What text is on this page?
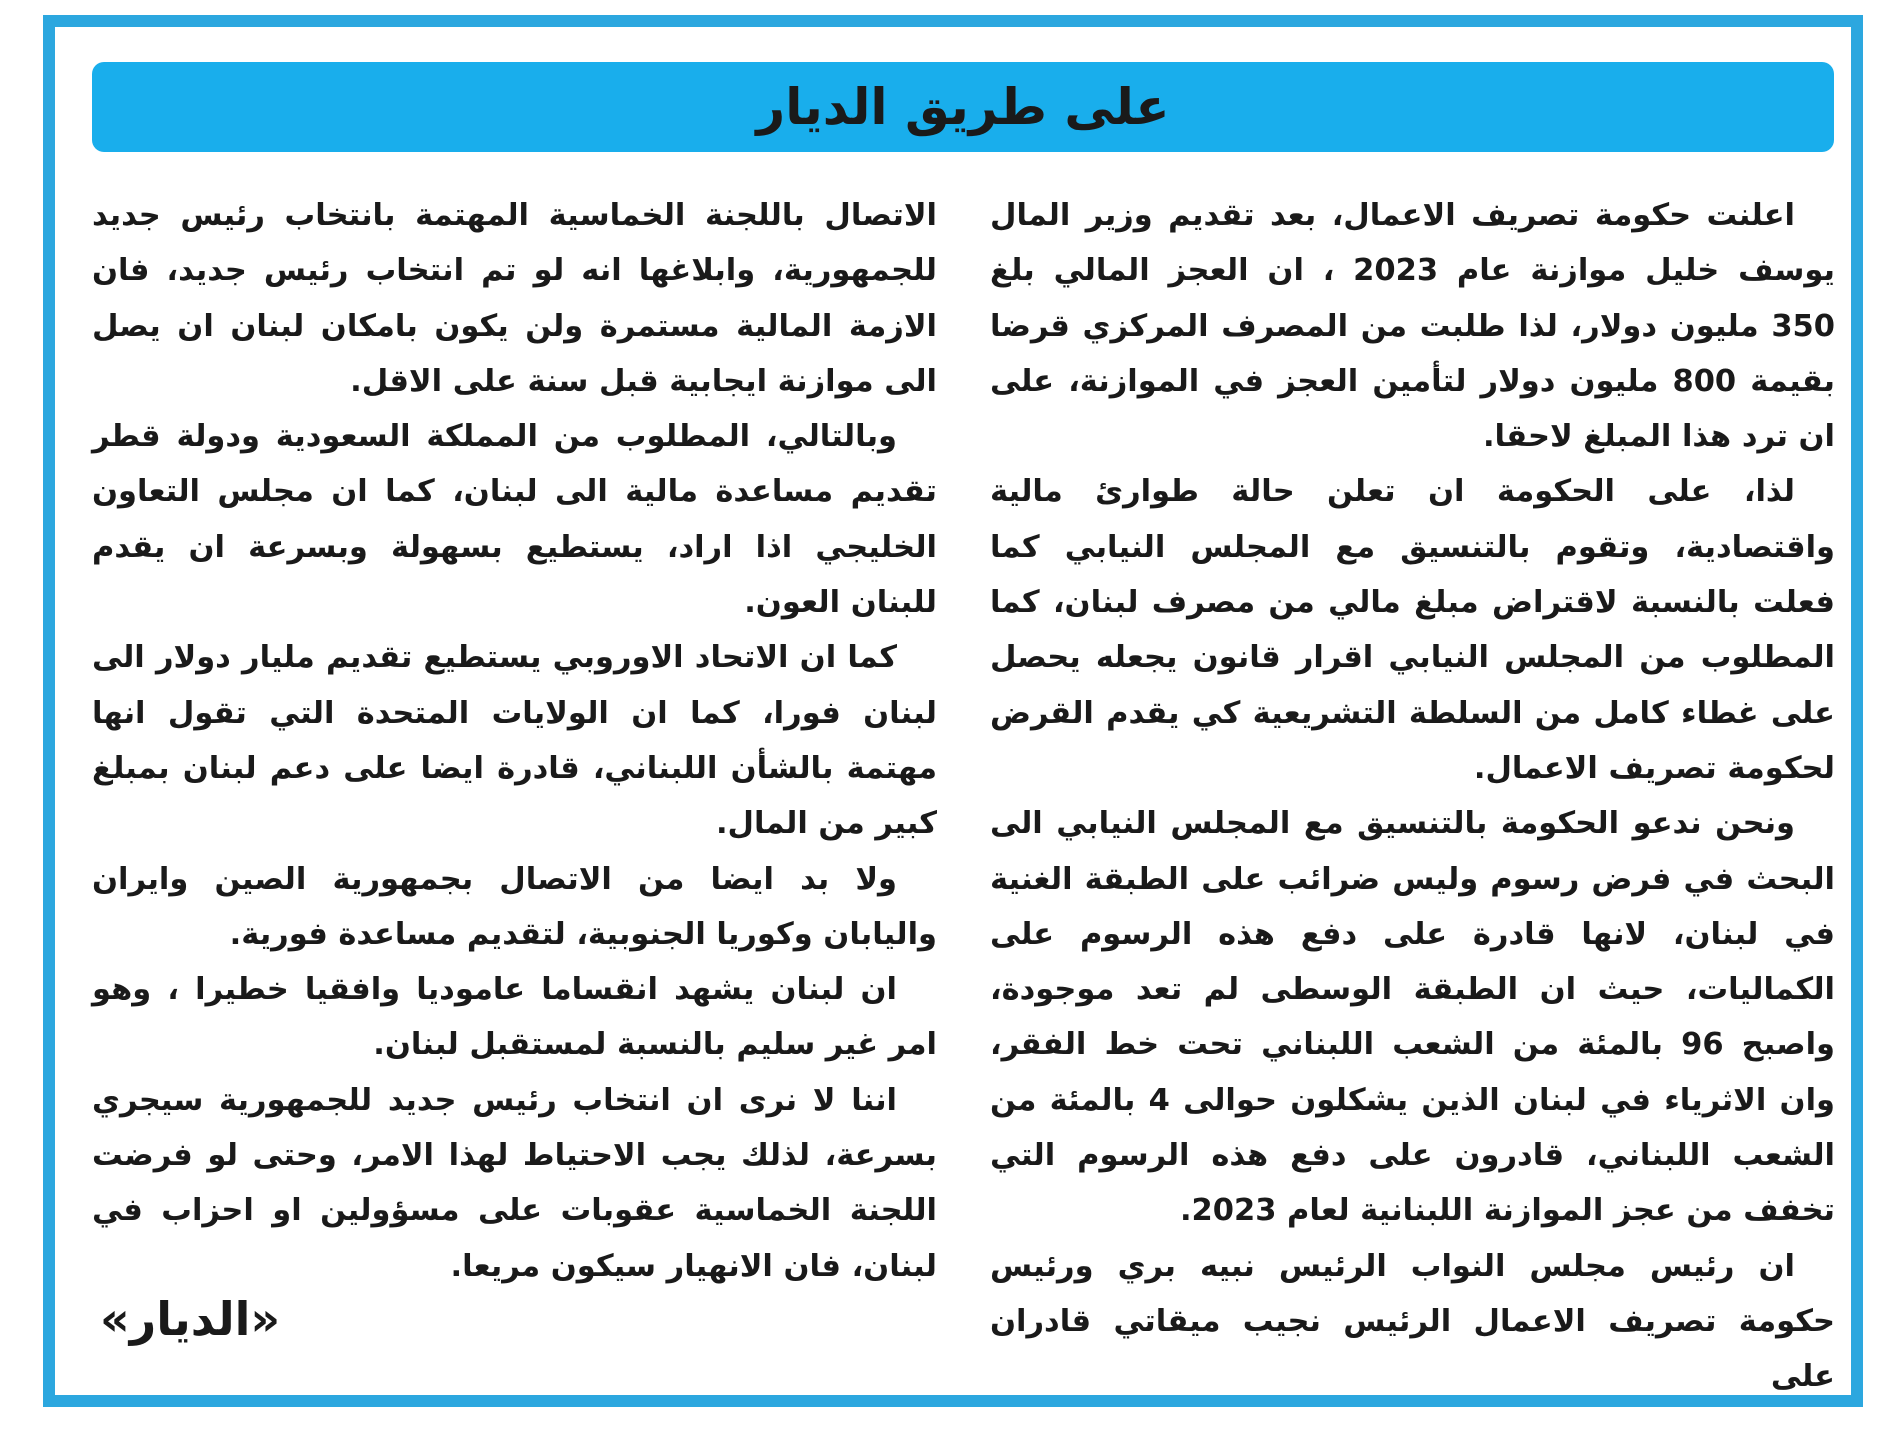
على طريق الديار

اعلنت حكومة تصريف الاعمال، بعد تقديم وزير المال يوسف خليل موازنة عام 2023 ، ان العجز المالي بلغ 350 مليون دولار، لذا طلبت من المصرف المركزي قرضا بقيمة 800 مليون دولار لتأمين العجز في الموازنة، على ان ترد هذا المبلغ لاحقا.

لذا، على الحكومة ان تعلن حالة طوارئ مالية واقتصادية، وتقوم بالتنسيق مع المجلس النيابي كما فعلت بالنسبة لاقتراض مبلغ مالي من مصرف لبنان، كما المطلوب من المجلس النيابي اقرار قانون يجعله يحصل على غطاء كامل من السلطة التشريعية كي يقدم القرض لحكومة تصريف الاعمال.

ونحن ندعو الحكومة بالتنسيق مع المجلس النيابي الى البحث في فرض رسوم وليس ضرائب على الطبقة الغنية في لبنان، لانها قادرة على دفع هذه الرسوم على الكماليات، حيث ان الطبقة الوسطى لم تعد موجودة، واصبح 96 بالمئة من الشعب اللبناني تحت خط الفقر، وان الاثرياء في لبنان الذين يشكلون حوالى 4 بالمئة من الشعب اللبناني، قادرون على دفع هذه الرسوم التي تخفف من عجز الموازنة اللبنانية لعام 2023.

ان رئيس مجلس النواب الرئيس نبيه بري ورئيس حكومة تصريف الاعمال الرئيس نجيب ميقاتي قادران على

الاتصال باللجنة الخماسية المهتمة بانتخاب رئيس جديد للجمهورية، وابلاغها انه لو تم انتخاب رئيس جديد، فان الازمة المالية مستمرة ولن يكون بامكان لبنان ان يصل الى موازنة ايجابية قبل سنة على الاقل.

وبالتالي، المطلوب من المملكة السعودية ودولة قطر تقديم مساعدة مالية الى لبنان، كما ان مجلس التعاون الخليجي اذا اراد، يستطيع بسهولة وبسرعة ان يقدم للبنان العون.

كما ان الاتحاد الاوروبي يستطيع تقديم مليار دولار الى لبنان فورا، كما ان الولايات المتحدة التي تقول انها مهتمة بالشأن اللبناني، قادرة ايضا على دعم لبنان بمبلغ كبير من المال.

ولا بد ايضا من الاتصال بجمهورية الصين وايران واليابان وكوريا الجنوبية، لتقديم مساعدة فورية.

ان لبنان يشهد انقساما عاموديا وافقيا خطيرا ، وهو امر غير سليم بالنسبة لمستقبل لبنان.

اننا لا نرى ان انتخاب رئيس جديد للجمهورية سيجري بسرعة، لذلك يجب الاحتياط لهذا الامر، وحتى لو فرضت اللجنة الخماسية عقوبات على مسؤولين او احزاب في لبنان، فان الانهيار سيكون مريعا.

«الديار»
